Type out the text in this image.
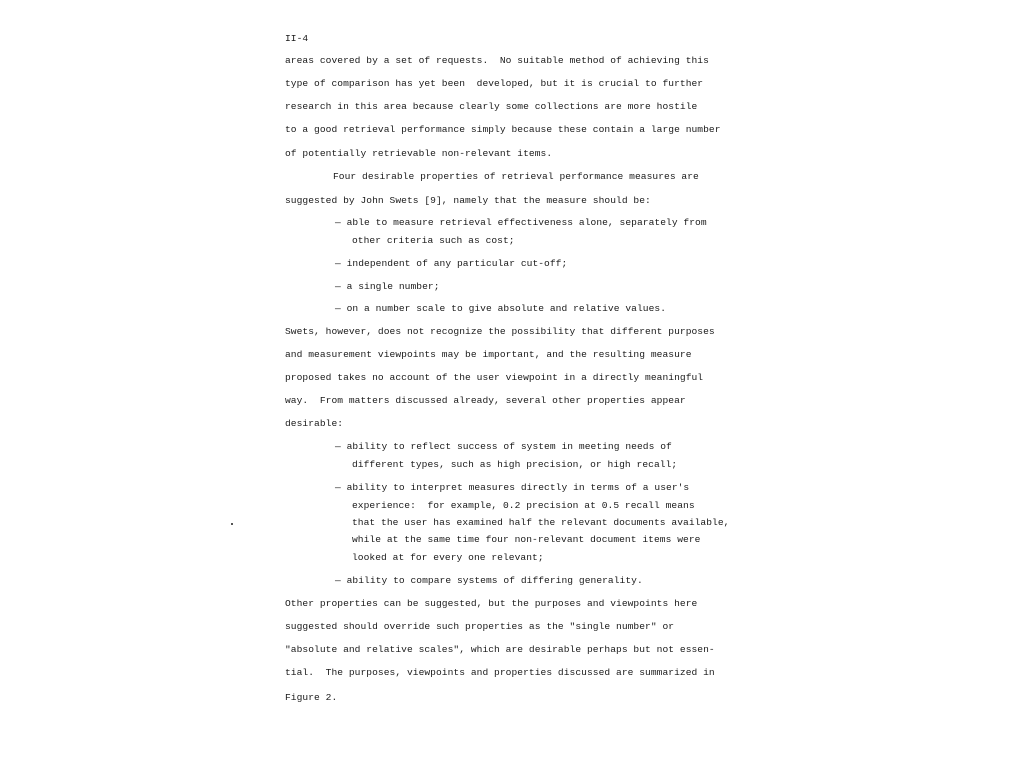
II-4
areas covered by a set of requests.  No suitable method of achieving this
type of comparison has yet been  developed, but it is crucial to further
research in this area because clearly some collections are more hostile
to a good retrieval performance simply because these contain a large number
of potentially retrievable non-relevant items.
Four desirable properties of retrieval performance measures are
suggested by John Swets [9], namely that the measure should be:
— able to measure retrieval effectiveness alone, separately from
other criteria such as cost;
— independent of any particular cut-off;
— a single number;
— on a number scale to give absolute and relative values.
Swets, however, does not recognize the possibility that different purposes
and measurement viewpoints may be important, and the resulting measure
proposed takes no account of the user viewpoint in a directly meaningful
way.  From matters discussed already, several other properties appear
desirable:
— ability to reflect success of system in meeting needs of
different types, such as high precision, or high recall;
— ability to interpret measures directly in terms of a user's
experience:  for example, 0.2 precision at 0.5 recall means
that the user has examined half the relevant documents available,
while at the same time four non-relevant document items were
looked at for every one relevant;
— ability to compare systems of differing generality.
Other properties can be suggested, but the purposes and viewpoints here
suggested should override such properties as the "single number" or
"absolute and relative scales", which are desirable perhaps but not essen-
tial.  The purposes, viewpoints and properties discussed are summarized in
Figure 2.
